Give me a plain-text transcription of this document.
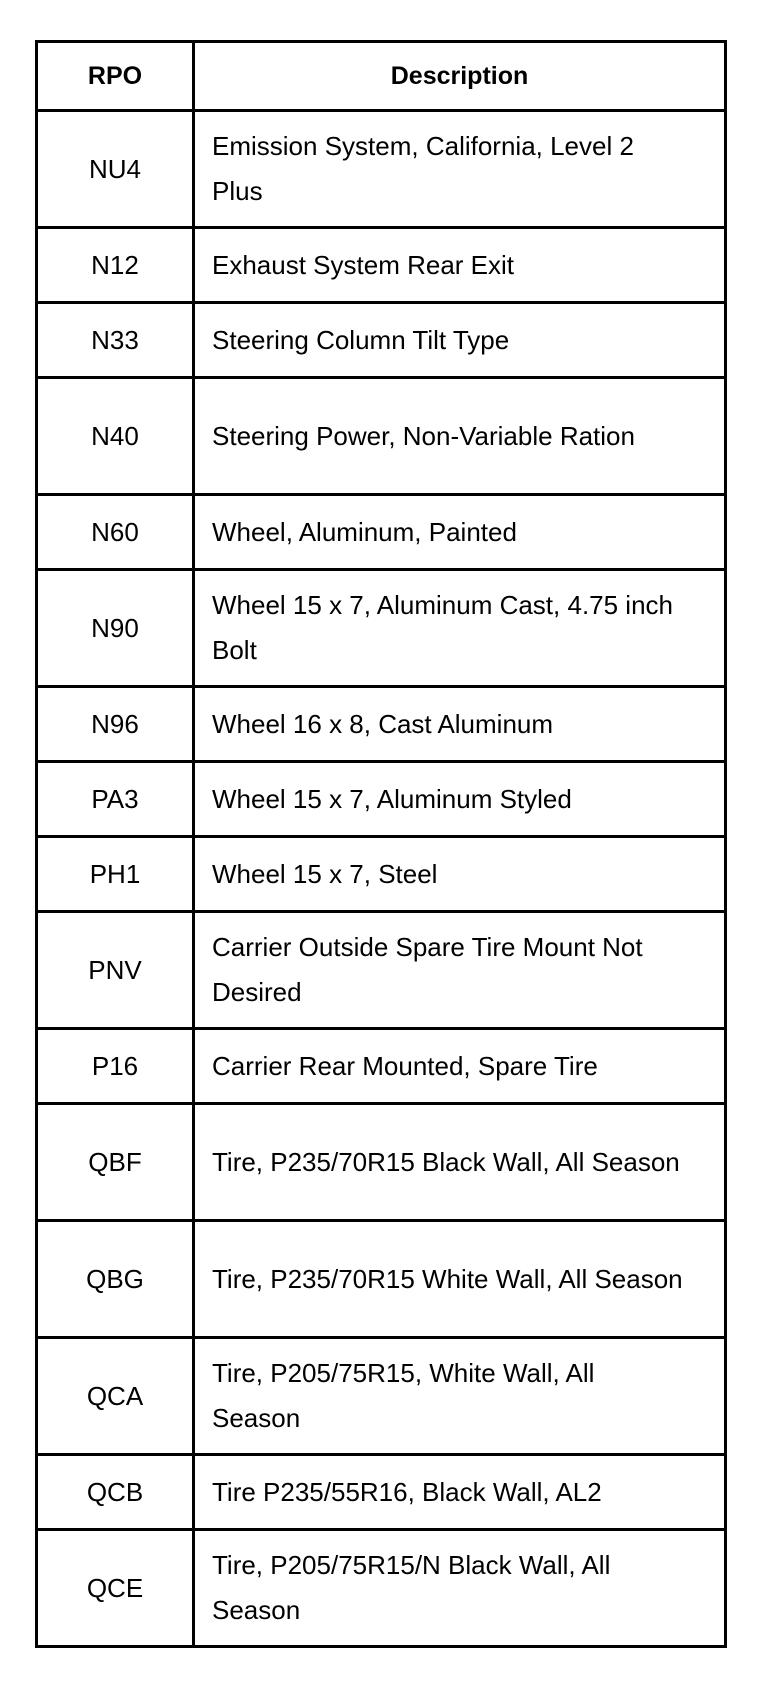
RPO	Description
NU4	Emission System, California, Level 2 Plus
N12	Exhaust System Rear Exit
N33	Steering Column Tilt Type
N40	Steering Power, Non-Variable Ration
N60	Wheel, Aluminum, Painted
N90	Wheel 15 x 7, Aluminum Cast, 4.75 inch Bolt
N96	Wheel 16 x 8, Cast Aluminum
PA3	Wheel 15 x 7, Aluminum Styled
PH1	Wheel 15 x 7, Steel
PNV	Carrier Outside Spare Tire Mount Not Desired
P16	Carrier Rear Mounted, Spare Tire
QBF	Tire, P235/70R15 Black Wall, All Season
QBG	Tire, P235/70R15 White Wall, All Season
QCA	Tire, P205/75R15, White Wall, All Season
QCB	Tire P235/55R16, Black Wall, AL2
QCE	Tire, P205/75R15/N Black Wall, All Season
